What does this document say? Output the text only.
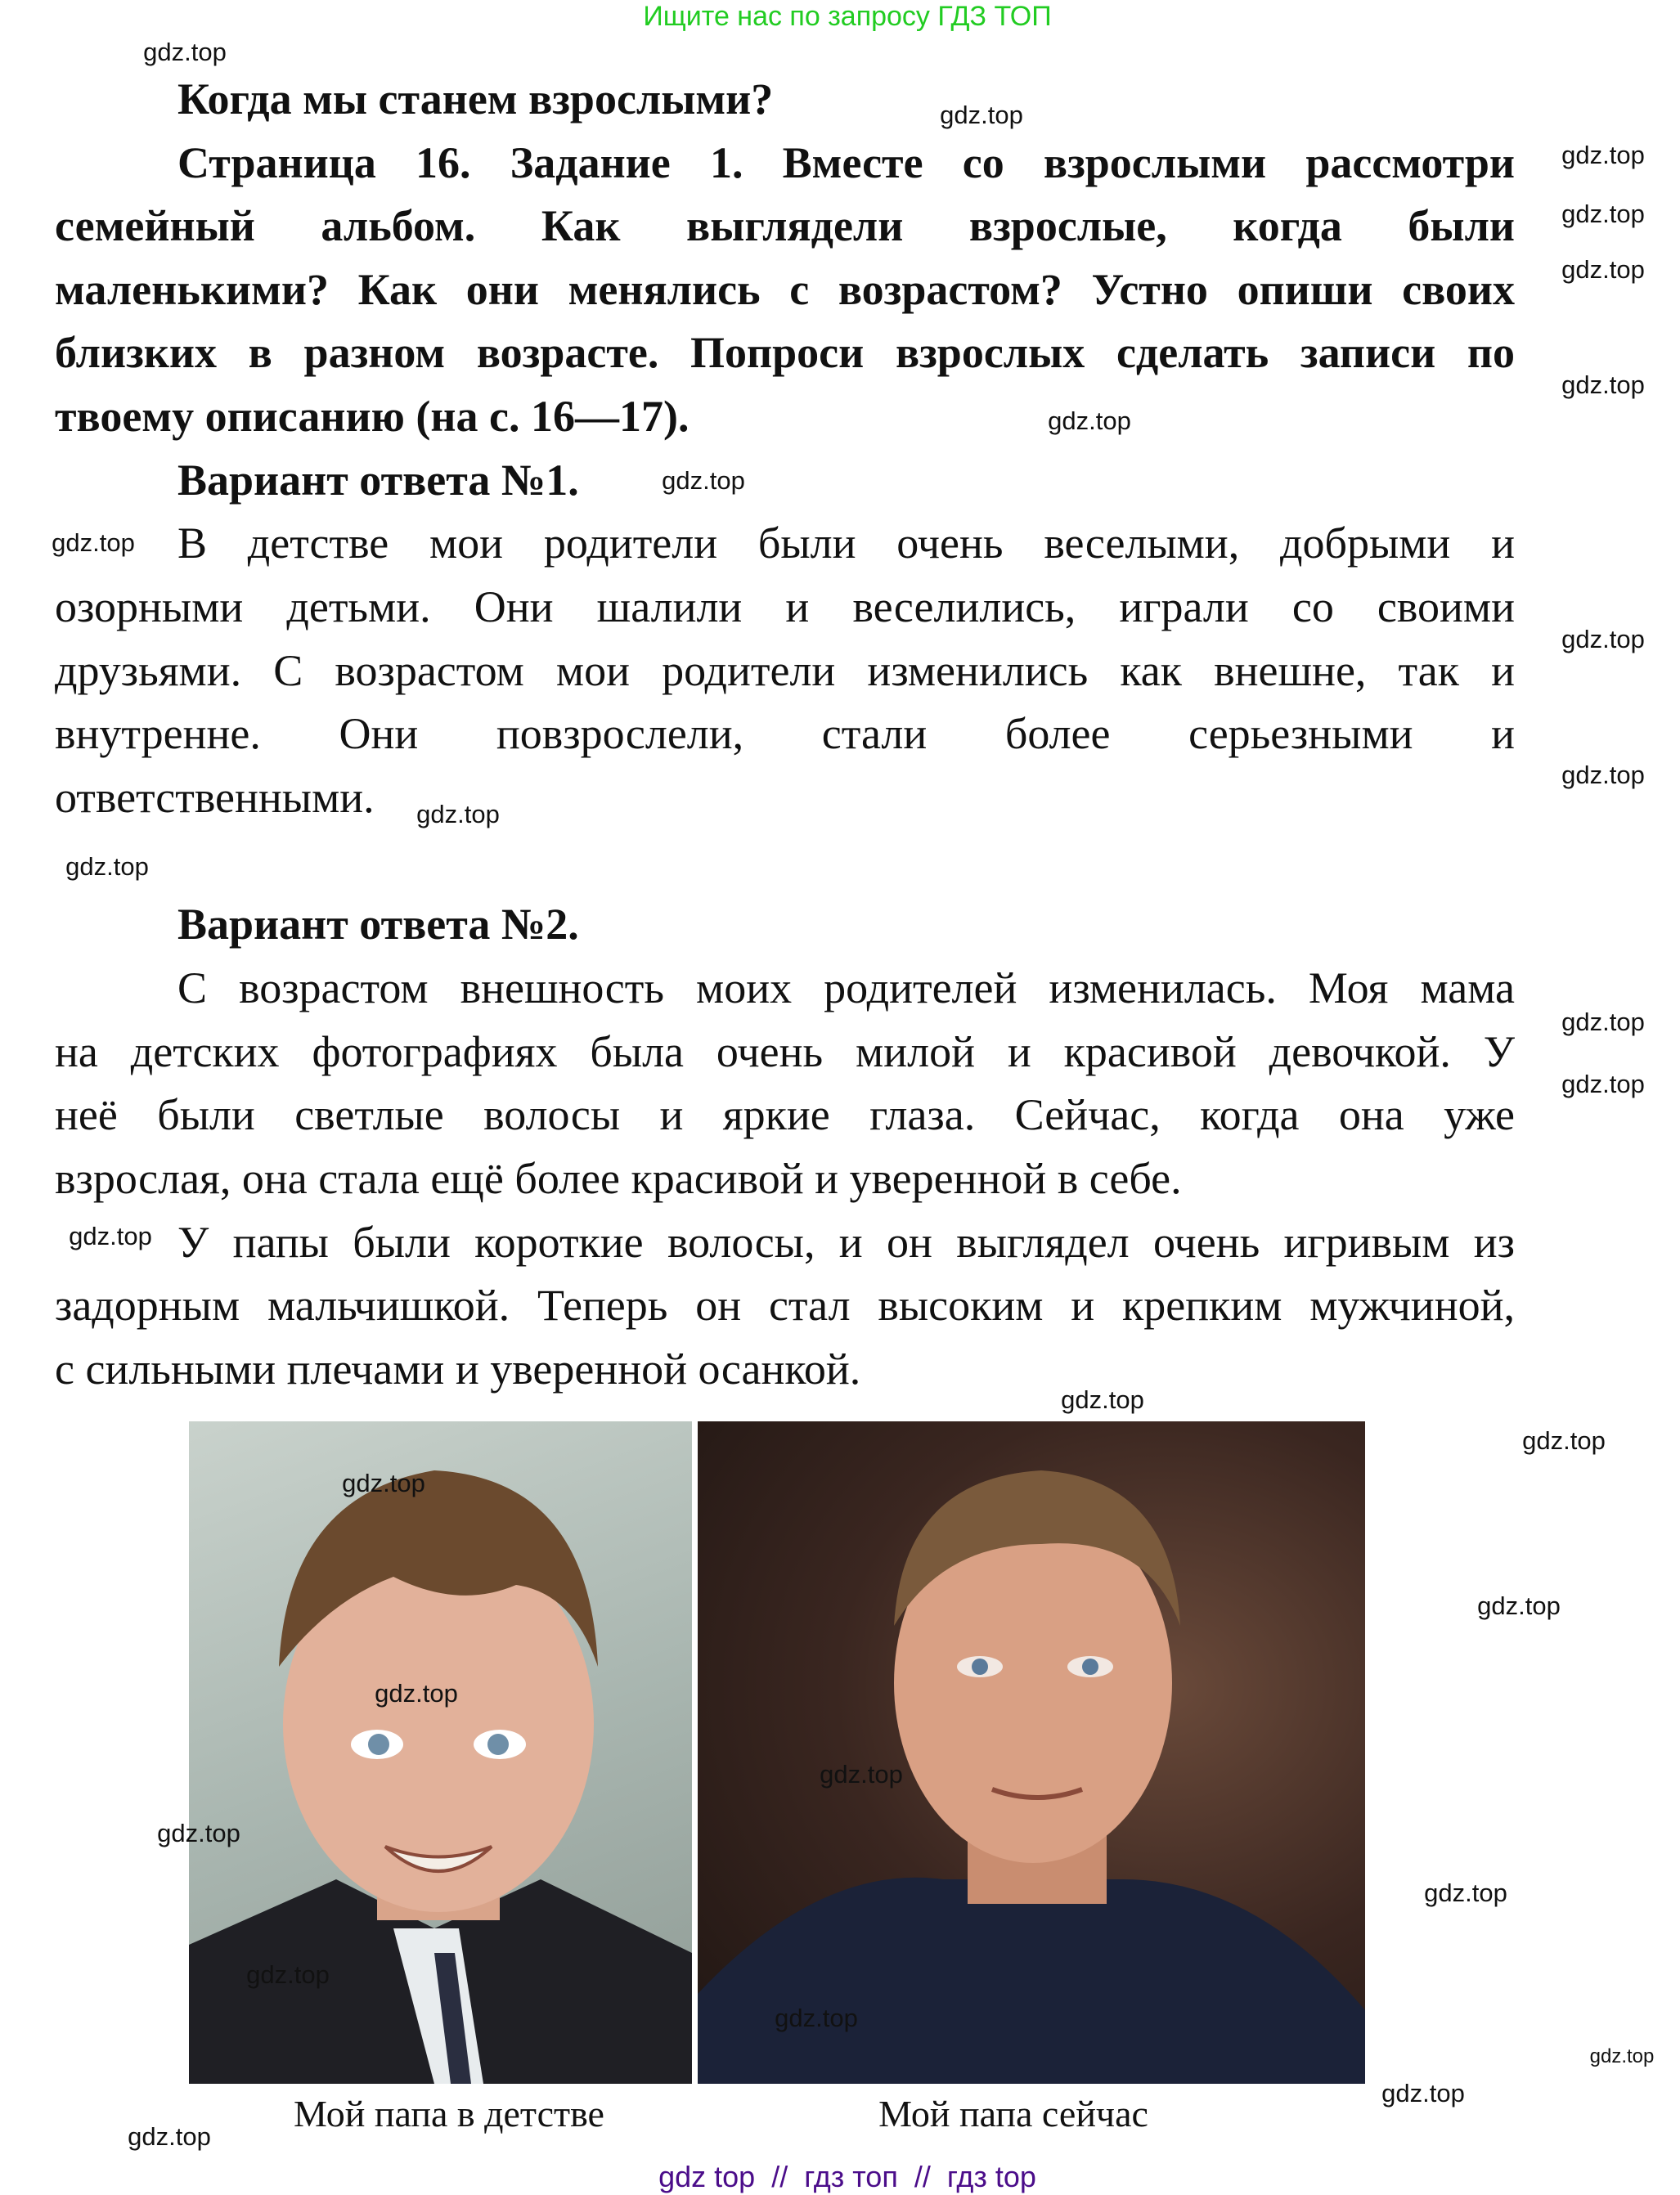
Ищите нас по запросу ГДЗ ТОП
Когда мы станем взрослыми?
Страница 16. Задание 1. Вместе со взрослыми рассмотри
семейный альбом. Как выглядели взрослые, когда были
маленькими? Как они менялись с возрастом? Устно опиши своих
близких в разном возрасте. Попроси взрослых сделать записи по
твоему описанию (на с. 16—17).
Вариант ответа №1.
В детстве мои родители были очень веселыми, добрыми и
озорными детьми. Они шалили и веселились, играли со своими
друзьями. С возрастом мои родители изменились как внешне, так и
внутренне. Они повзрослели, стали более серьезными и
ответственными.
Вариант ответа №2.
С возрастом внешность моих родителей изменилась. Моя мама
на детских фотографиях была очень милой и красивой девочкой. У
неё были светлые волосы и яркие глаза. Сейчас, когда она уже
взрослая, она стала ещё более красивой и уверенной в себе.
У папы были короткие волосы, и он выглядел очень игривым из
задорным мальчишкой. Теперь он стал высоким и крепким мужчиной,
с сильными плечами и уверенной осанкой.
Мой папа в детстве	Мой папа сейчас
gdz top  //  гдз топ  //  гдз top
gdz.top
gdz.top
gdz.top
gdz.top
gdz.top
gdz.top
gdz.top
gdz.top
gdz.top
gdz.top
gdz.top
gdz.top
gdz.top
gdz.top
gdz.top
gdz.top
gdz.top
gdz.top
gdz.top
gdz.top
gdz.top
gdz.top
gdz.top
gdz.top
gdz.top
gdz.top
gdz.top
gdz.top
gdz.top
